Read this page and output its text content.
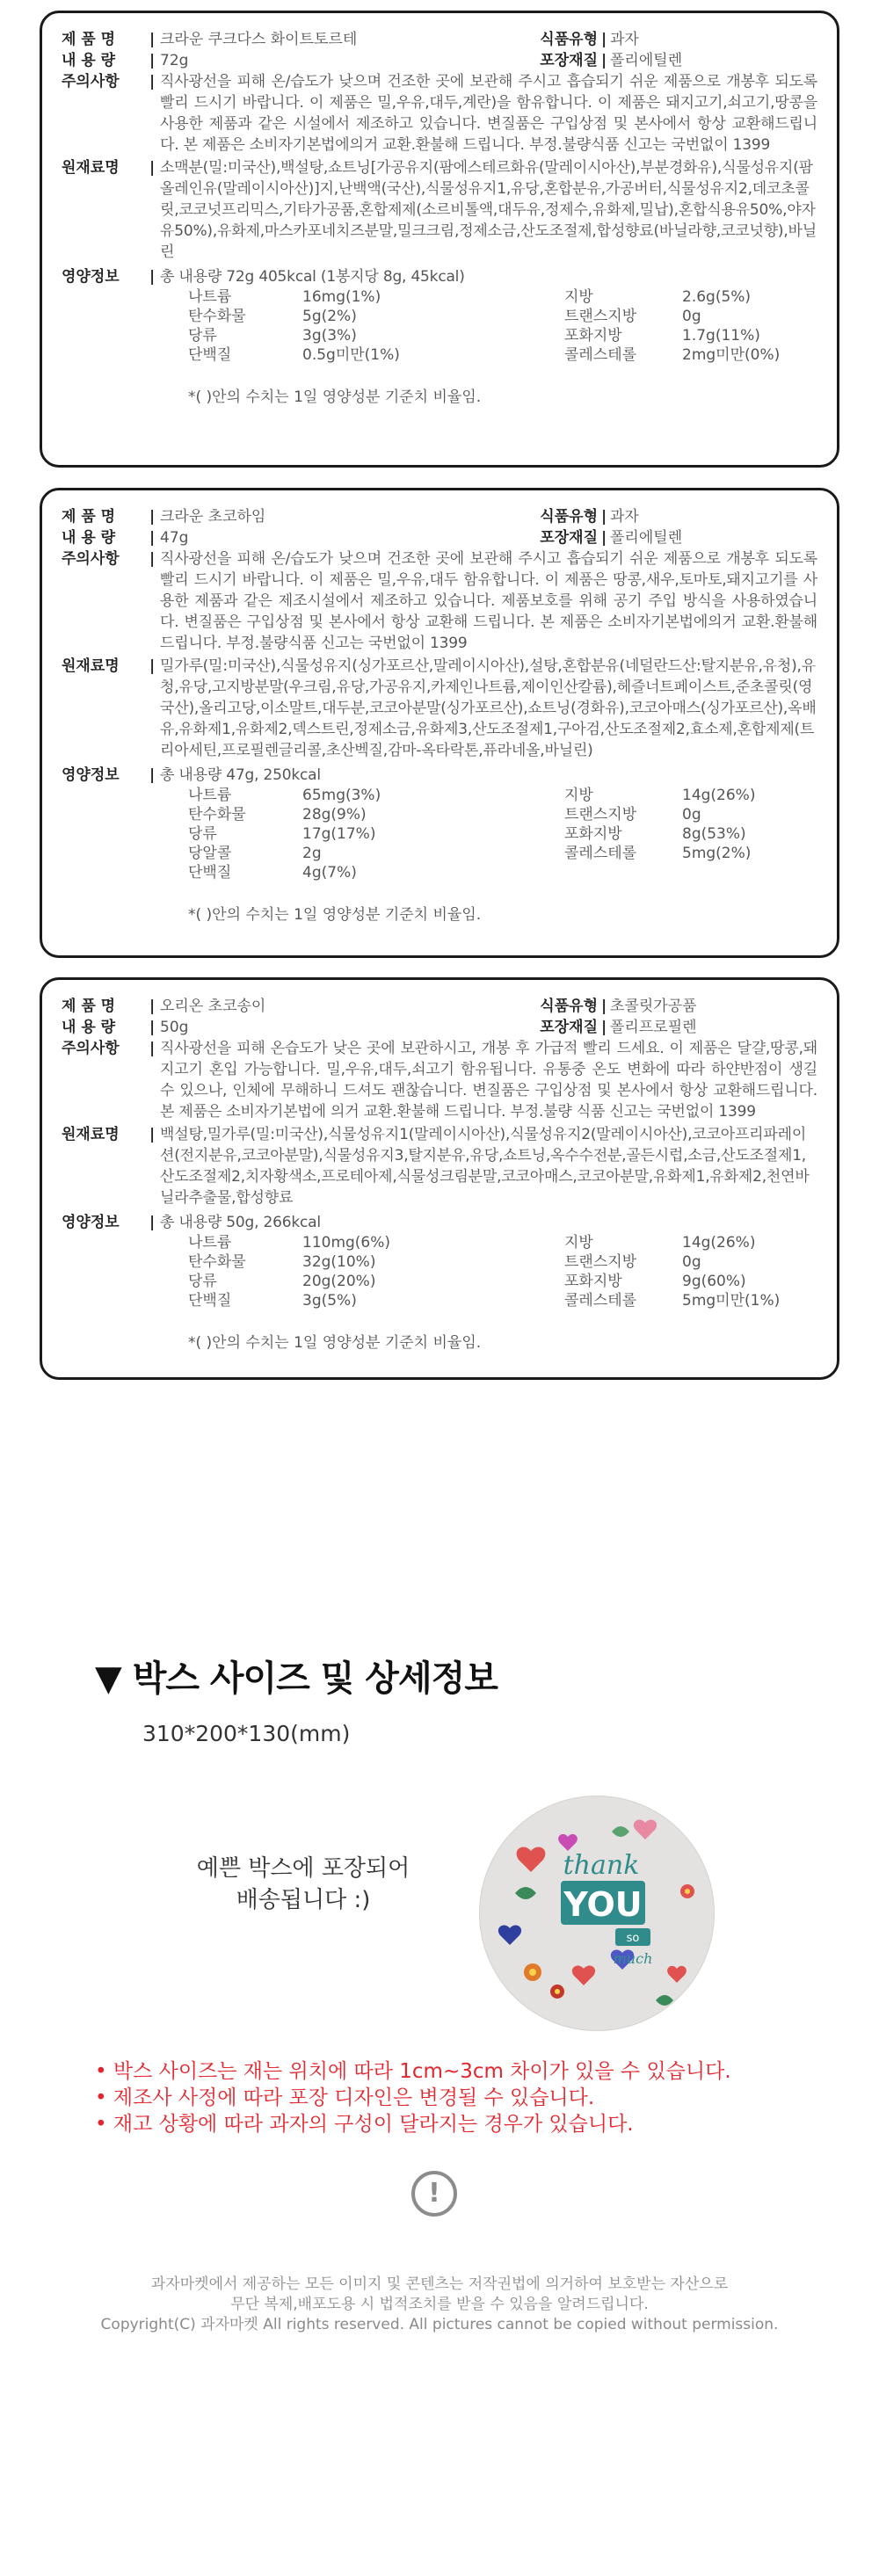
제 품 명	| 크라운 쿠크다스 화이트토르테	식품유형 | 과자
내 용 량	| 72g	포장재질 | 폴리에틸렌
주의사항	| 직사광선을 피해 온/습도가 낮으며 건조한 곳에 보관해 주시고 흡습되기 쉬운 제품으로 개봉후 되도록 빨리 드시기 바랍니다. 이 제품은 밀,우유,대두,계란)을 함유합니다. 이 제품은 돼지고기,쇠고기,땅콩을 사용한 제품과 같은 시설에서 제조하고 있습니다. 변질품은 구입상점 및 본사에서 항상 교환해드립니다. 본 제품은 소비자기본법에의거 교환.환불해 드립니다. 부정.불량식품 신고는 국번없이 1399
원재료명	| 소맥분(밀:미국산),백설탕,쇼트닝[가공유지(팜에스테르화유(말레이시아산),부분경화유),식물성유지(팜올레인유(말레이시아산)]지,난백액(국산),식물성유지1,유당,혼합분유,가공버터,식물성유지2,데코초콜릿,코코넛프리믹스,기타가공품,혼합제제(소르비톨액,대두유,정제수,유화제,밀납),혼합식용유50%,야자유50%),유화제,마스카포네치즈분말,밀크크림,정제소금,산도조절제,합성향료(바닐라향,코코넛향),바닐린
영양정보	| 총 내용량 72g 405kcal (1봉지당 8g, 45kcal)
나트륨	16mg(1%)	지방	2.6g(5%)
탄수화물	5g(2%)	트랜스지방	0g
당류	3g(3%)	포화지방	1.7g(11%)
단백질	0.5g미만(1%)	콜레스테롤	2mg미만(0%)
*( )안의 수치는 1일 영양성분 기준치 비율임.
제 품 명	| 크라운 초코하임	식품유형 | 과자
내 용 량	| 47g	포장재질 | 폴리에틸렌
주의사항	| 직사광선을 피해 온/습도가 낮으며 건조한 곳에 보관해 주시고 흡습되기 쉬운 제품으로 개봉후 되도록 빨리 드시기 바랍니다. 이 제품은 밀,우유,대두 함유합니다. 이 제품은 땅콩,새우,토마토,돼지고기를 사용한 제품과 같은 제조시설에서 제조하고 있습니다. 제품보호를 위해 공기 주입 방식을 사용하였습니다. 변질품은 구입상점 및 본사에서 항상 교환해 드립니다. 본 제품은 소비자기본법에의거 교환.환불해 드립니다. 부정.불량식품 신고는 국번없이 1399
원재료명	| 밀가루(밀:미국산),식물성유지(싱가포르산,말레이시아산),설탕,혼합분유(네덜란드산:탈지분유,유청),유청,유당,고지방분말(우크림,유당,가공유지,카제인나트륨,제이인산칼륨),헤즐너트페이스트,준초콜릿(영국산),올리고당,이소말트,대두분,코코아분말(싱가포르산),쇼트닝(경화유),코코아매스(싱가포르산),옥배유,유화제1,유화제2,덱스트린,정제소금,유화제3,산도조절제1,구아검,산도조절제2,효소제,혼합제제(트리아세틴,프로필렌글리콜,초산벡질,감마-옥타락톤,퓨라네올,바닐린)
영양정보	| 총 내용량 47g, 250kcal
나트륨	65mg(3%)	지방	14g(26%)
탄수화물	28g(9%)	트랜스지방	0g
당류	17g(17%)	포화지방	8g(53%)
당알콜	2g	콜레스테롤	5mg(2%)
단백질	4g(7%)
*( )안의 수치는 1일 영양성분 기준치 비율임.
제 품 명	| 오리온 초코송이	식품유형 | 초콜릿가공품
내 용 량	| 50g	포장재질 | 폴리프로필렌
주의사항	| 직사광선을 피해 온습도가 낮은 곳에 보관하시고, 개봉 후 가급적 빨리 드세요. 이 제품은 달걀,땅콩,돼지고기 혼입 가능합니다. 밀,우유,대두,쇠고기 함유됩니다. 유통중 온도 변화에 따라 하얀반점이 생길 수 있으나, 인체에 무해하니 드셔도 괜찮습니다. 변질품은 구입상점 및 본사에서 항상 교환해드립니다. 본 제품은 소비자기본법에 의거 교환.환불해 드립니다. 부정.불량 식품 신고는 국번없이 1399
원재료명	| 백설탕,밀가루(밀:미국산),식물성유지1(말레이시아산),식물성유지2(말레이시아산),코코아프리파레이션(전지분유,코코아분말),식물성유지3,탈지분유,유당,쇼트닝,옥수수전분,골든시럽,소금,산도조절제1,산도조절제2,치자황색소,프로테아제,식물성크림분말,코코아매스,코코아분말,유화제1,유화제2,천연바닐라추출물,합성향료
영양정보	| 총 내용량 50g, 266kcal
나트륨	110mg(6%)	지방	14g(26%)
탄수화물	32g(10%)	트랜스지방	0g
당류	20g(20%)	포화지방	9g(60%)
단백질	3g(5%)	콜레스테롤	5mg미만(1%)
*( )안의 수치는 1일 영양성분 기준치 비율임.
▼ 박스 사이즈 및 상세정보
310*200*130(mm)
예쁜 박스에 포장되어
배송됩니다 :)
thank
YOU
so
much
• 박스 사이즈는 재는 위치에 따라 1cm~3cm 차이가 있을 수 있습니다.
• 제조사 사정에 따라 포장 디자인은 변경될 수 있습니다.
• 재고 상황에 따라 과자의 구성이 달라지는 경우가 있습니다.
!
과자마켓에서 제공하는 모든 이미지 및 콘텐츠는 저작권법에 의거하여 보호받는 자산으로
무단 복제,배포도용 시 법적조치를 받을 수 있음을 알려드립니다.
Copyright(C) 과자마켓 All rights reserved. All pictures cannot be copied without permission.
